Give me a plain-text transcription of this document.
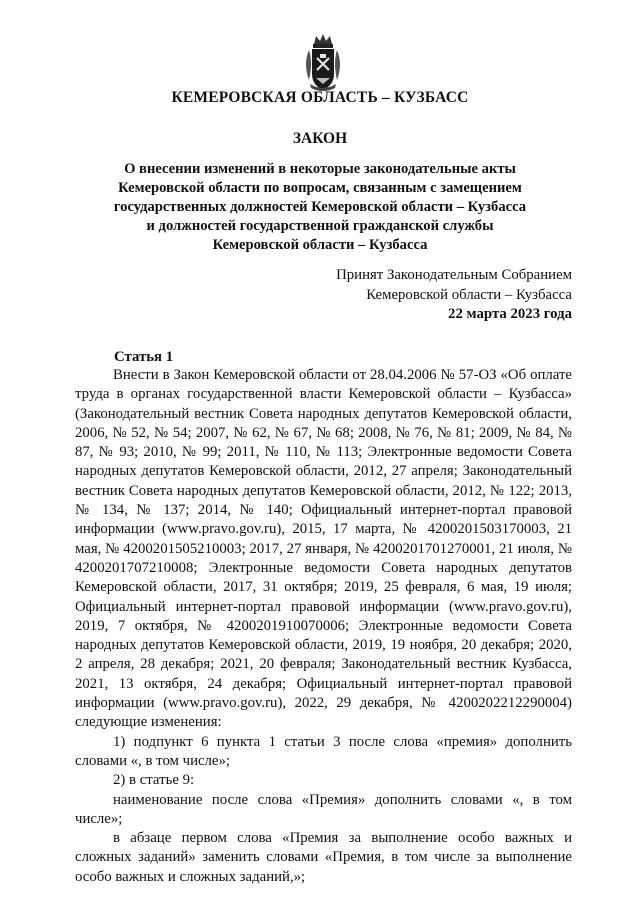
КЕМЕРОВСКАЯ ОБЛАСТЬ – КУЗБАСС
ЗАКОН
О внесении изменений в некоторые законодательные акты
Кемеровской области по вопросам, связанным с замещением
государственных должностей Кемеровской области – Кузбасса
и должностей государственной гражданской службы
Кемеровской области – Кузбасса
Принят Законодательным Собранием
Кемеровской области – Кузбасса
22 марта 2023 года
Статья 1

Внести в Закон Кемеровской области от 28.04.2006 № 57-ОЗ «Об оплате труда в органах государственной власти Кемеровской области – Кузбасса» (Законодательный вестник Совета народных депутатов Кемеровской области, 2006, № 52, № 54; 2007, № 62, № 67, № 68; 2008, № 76, № 81; 2009, № 84, № 87, № 93; 2010, № 99; 2011, № 110, № 113; Электронные ведомости Совета народных депутатов Кемеровской области, 2012, 27 апреля; Законодательный вестник Совета народных депутатов Кемеровской области, 2012, № 122; 2013, № 134, № 137; 2014, № 140; Официальный интернет-портал правовой информации (www.pravo.gov.ru), 2015, 17 марта, № 4200201503170003, 21 мая, № 4200201505210003; 2017, 27 января, № 4200201701270001, 21 июля, № 4200201707210008; Электронные ведомости Совета народных депутатов Кемеровской области, 2017, 31 октября; 2019, 25 февраля, 6 мая, 19 июля; Официальный интернет-портал правовой информации (www.pravo.gov.ru), 2019, 7 октября, № 4200201910070006; Электронные ведомости Совета народных депутатов Кемеровской области, 2019, 19 ноября, 20 декабря; 2020, 2 апреля, 28 декабря; 2021, 20 февраля; Законодательный вестник Кузбасса, 2021, 13 октября, 24 декабря; Официальный интернет-портал правовой информации (www.pravo.gov.ru), 2022, 29 декабря, № 4200202212290004) следующие изменения:

1) подпункт 6 пункта 1 статьи 3 после слова «премия» дополнить словами «, в том числе»;

2) в статье 9:

наименование после слова «Премия» дополнить словами «, в том числе»;

в абзаце первом слова «Премия за выполнение особо важных и сложных заданий» заменить словами «Премия, в том числе за выполнение особо важных и сложных заданий,»;
